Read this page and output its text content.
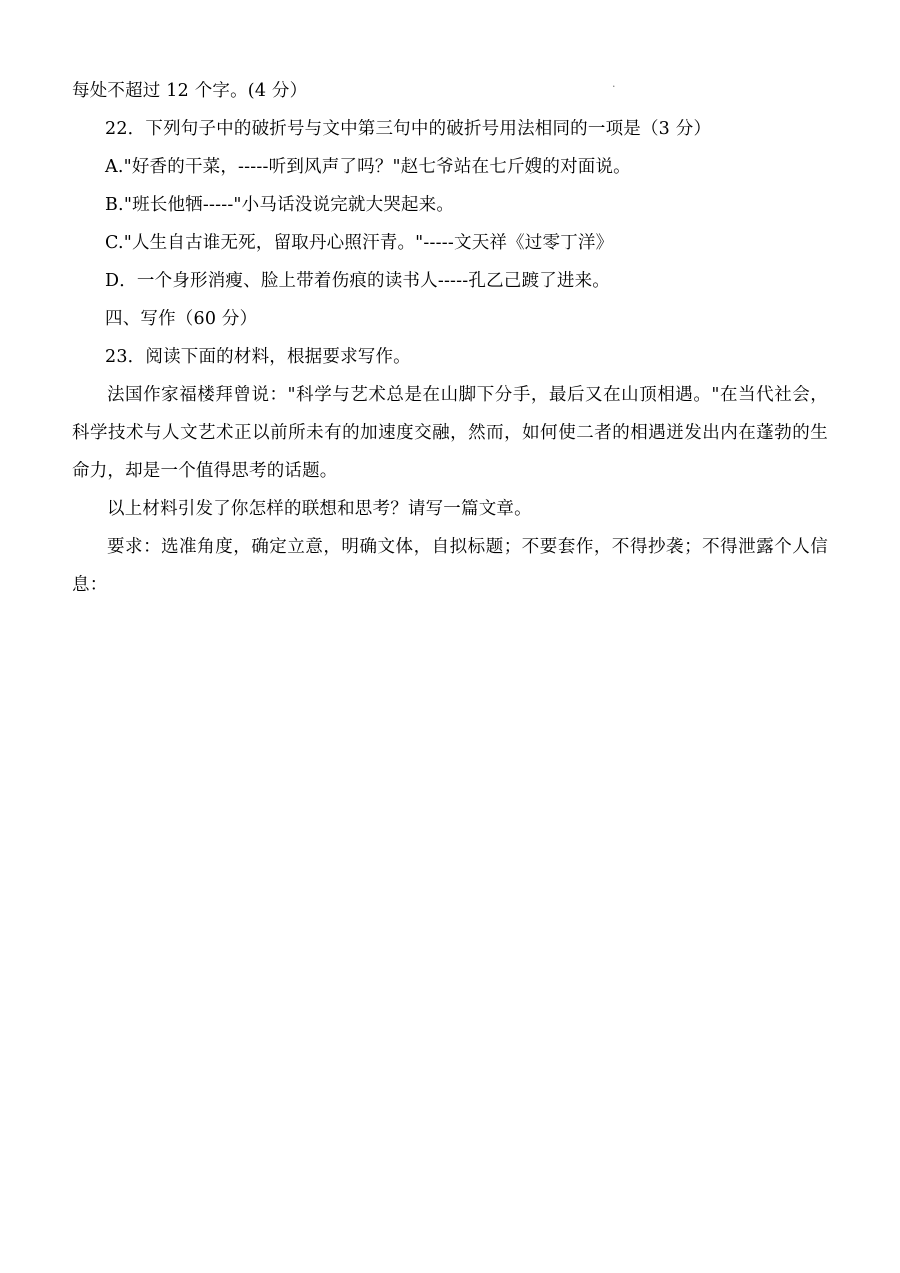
.
每处不超过 12 个字。(4 分）
22．下列句子中的破折号与文中第三句中的破折号用法相同的一项是（3 分）
A."好香的干菜，-----听到风声了吗？"赵七爷站在七斤嫂的对面说。
B."班长他牺-----"小马话没说完就大哭起来。
C."人生自古谁无死，留取丹心照汗青。"-----文天祥《过零丁洋》
D．一个身形消瘦、脸上带着伤痕的读书人-----孔乙己踱了进来。
四、写作（60 分）
23．阅读下面的材料，根据要求写作。
法国作家福楼拜曾说："科学与艺术总是在山脚下分手，最后又在山顶相遇。"在当代社会，科学技术与人文艺术正以前所未有的加速度交融，然而，如何使二者的相遇迸发出内在蓬勃的生命力，却是一个值得思考的话题。
以上材料引发了你怎样的联想和思考？请写一篇文章。
要求：选准角度，确定立意，明确文体，自拟标题；不要套作，不得抄袭；不得泄露个人信息：
